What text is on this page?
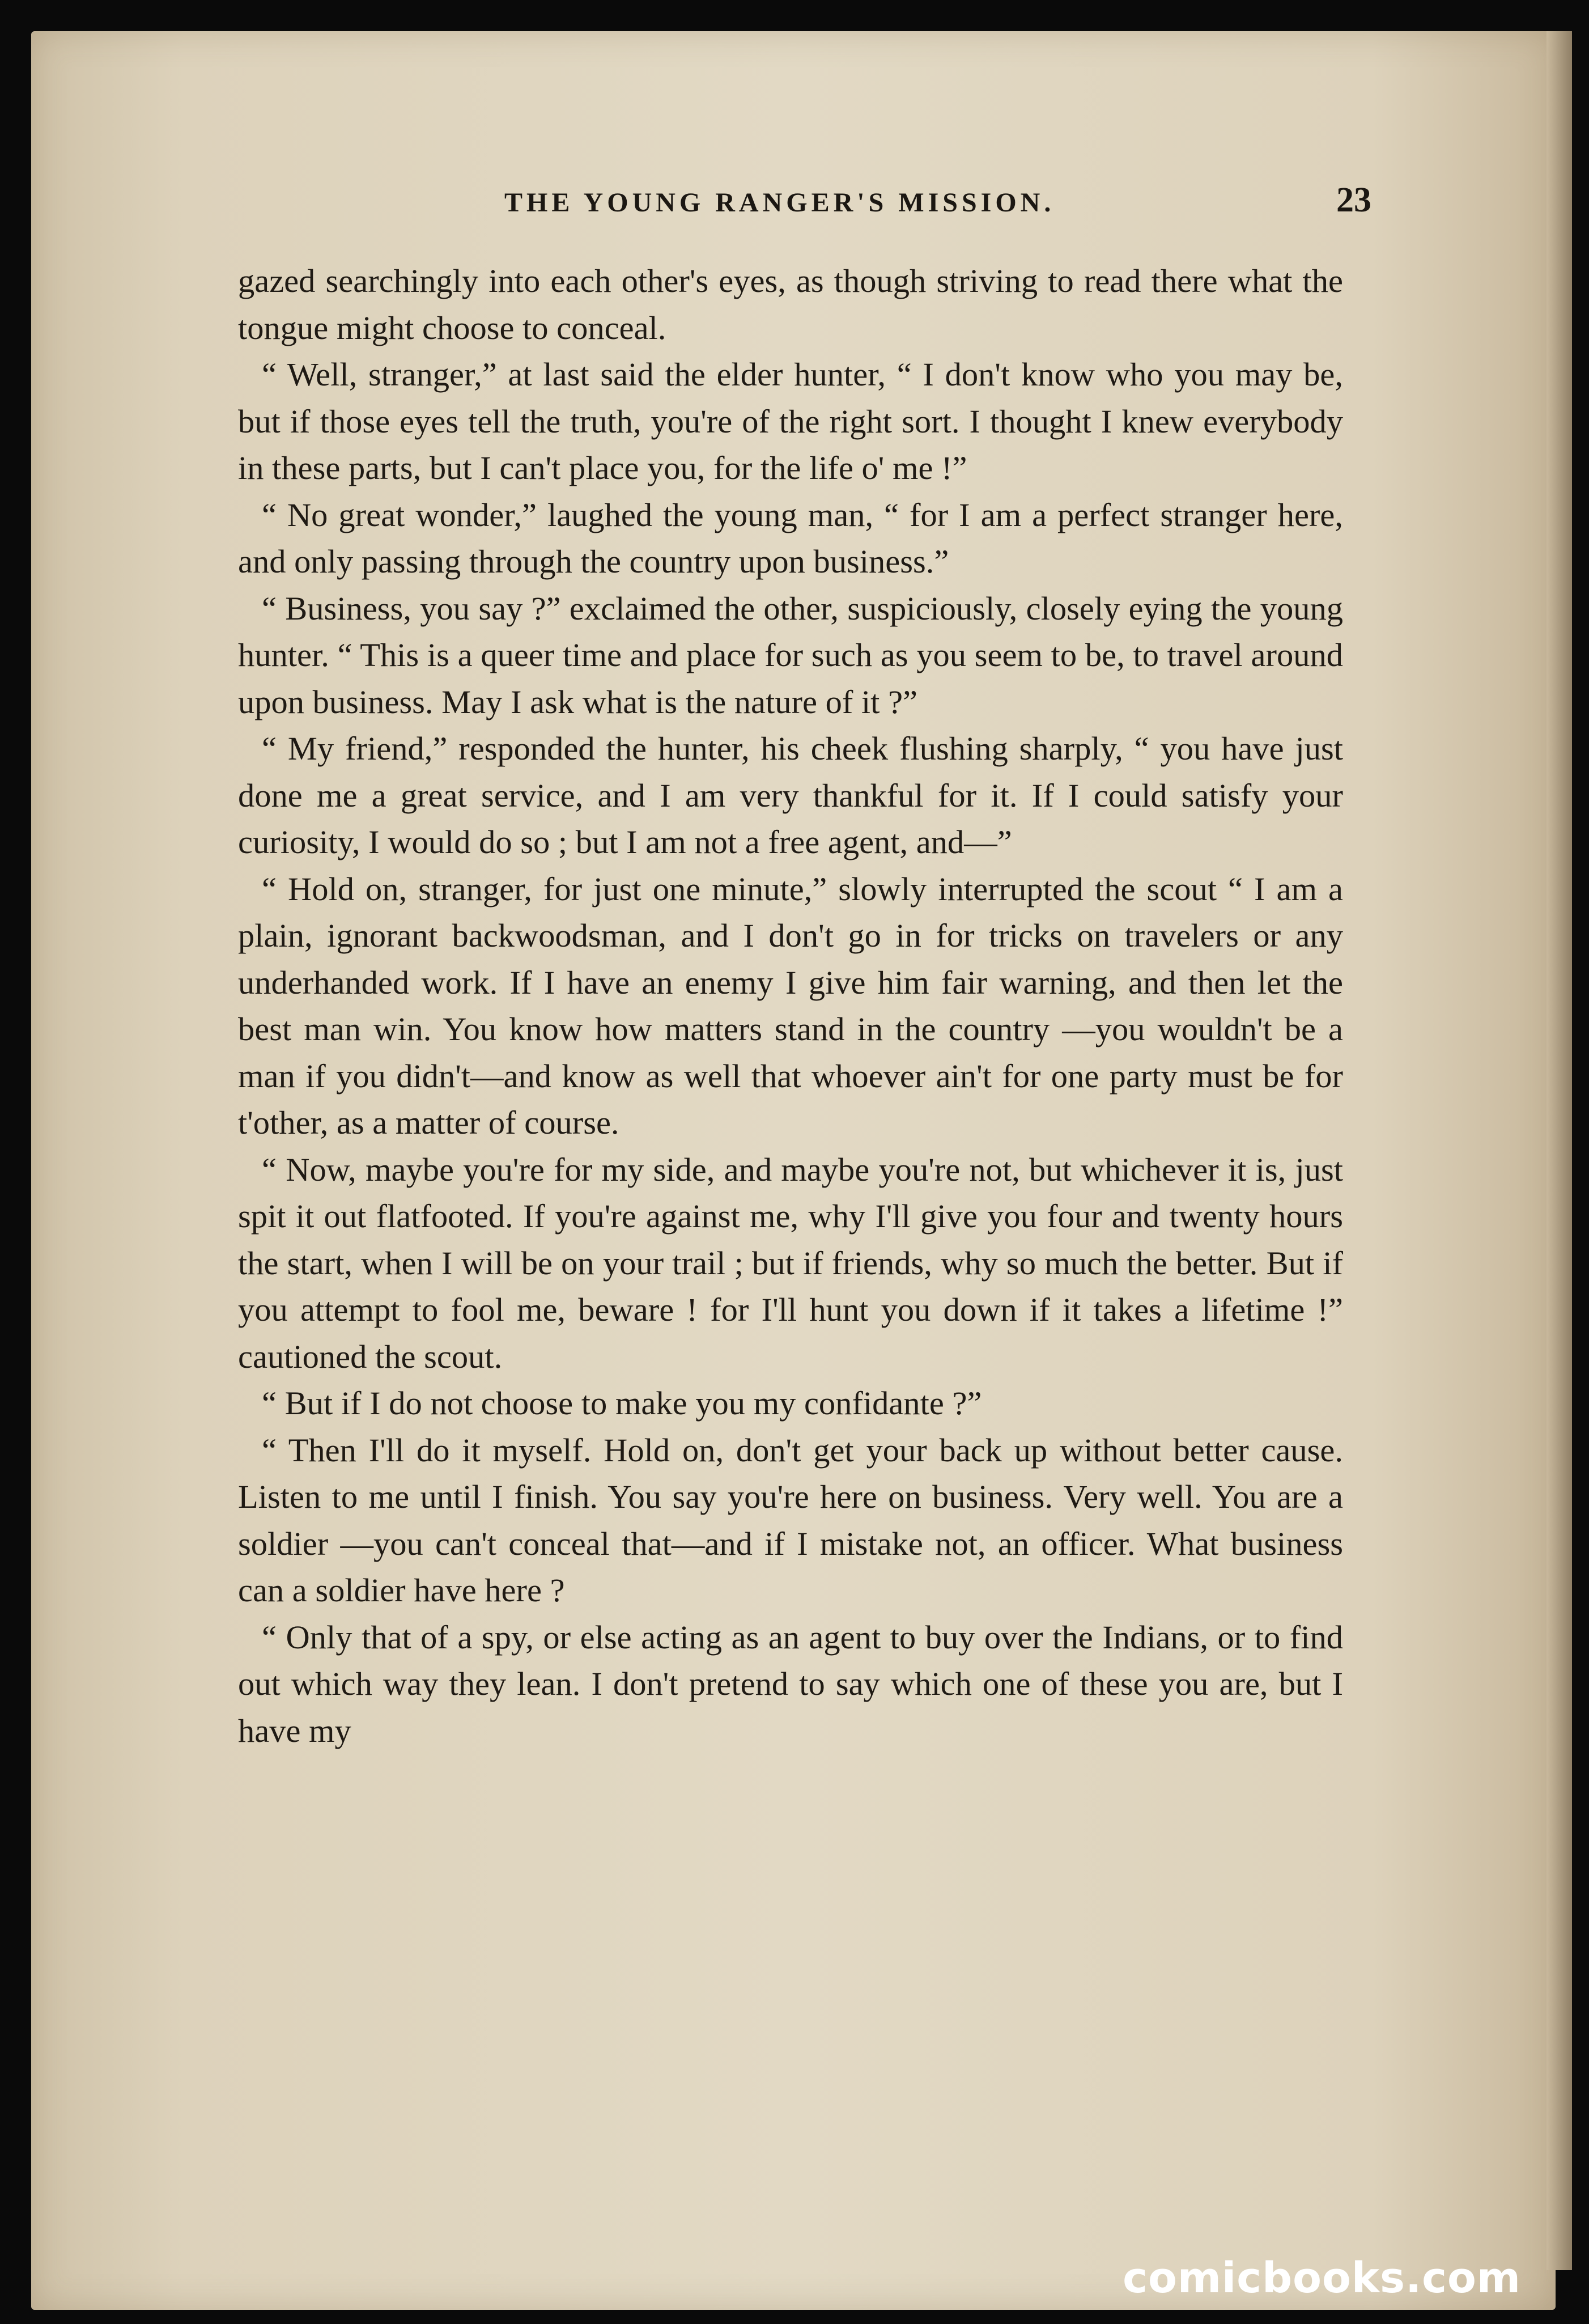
THE YOUNG RANGER'S MISSION.	23

gazed searchingly into each other's eyes, as though striving to read there what the tongue might choose to conceal.

“ Well, stranger,” at last said the elder hunter, “ I don't know who you may be, but if those eyes tell the truth, you're of the right sort. I thought I knew everybody in these parts, but I can't place you, for the life o' me !”

“ No great wonder,” laughed the young man, “ for I am a perfect stranger here, and only passing through the country upon business.”

“ Business, you say ?” exclaimed the other, suspiciously, closely eying the young hunter. “ This is a queer time and place for such as you seem to be, to travel around upon business. May I ask what is the nature of it ?”

“ My friend,” responded the hunter, his cheek flushing sharply, “ you have just done me a great service, and I am very thankful for it. If I could satisfy your curiosity, I would do so ; but I am not a free agent, and—”

“ Hold on, stranger, for just one minute,” slowly interrupted the scout “ I am a plain, ignorant backwoodsman, and I don't go in for tricks on travelers or any underhanded work. If I have an enemy I give him fair warning, and then let the best man win. You know how matters stand in the country —you wouldn't be a man if you didn't—and know as well that whoever ain't for one party must be for t'other, as a matter of course.

“ Now, maybe you're for my side, and maybe you're not, but whichever it is, just spit it out flatfooted. If you're against me, why I'll give you four and twenty hours the start, when I will be on your trail ; but if friends, why so much the better. But if you attempt to fool me, beware ! for I'll hunt you down if it takes a lifetime !” cautioned the scout.

“ But if I do not choose to make you my confidante ?”

“ Then I'll do it myself. Hold on, don't get your back up without better cause. Listen to me until I finish. You say you're here on business. Very well. You are a soldier —you can't conceal that—and if I mistake not, an officer. What business can a soldier have here ?

“ Only that of a spy, or else acting as an agent to buy over the Indians, or to find out which way they lean. I don't pretend to say which one of these you are, but I have my

comicbooks.com
